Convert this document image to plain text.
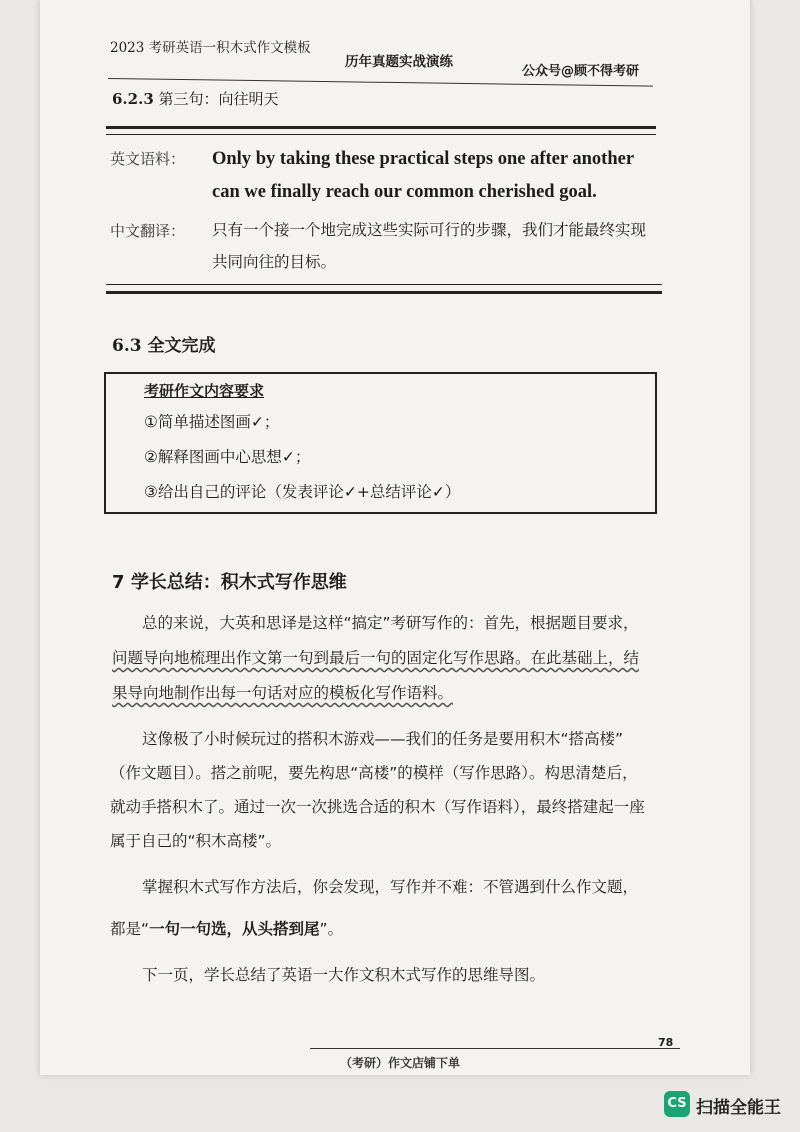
2023 考研英语一积木式作文模板
历年真题实战演练
公众号@顾不得考研
6.2.3 第三句：向往明天
英文语料： Only by taking these practical steps one after another
can we finally reach our common cherished goal.
中文翻译： 只有一个接一个地完成这些实际可行的步骤，我们才能最终实现
共同向往的目标。
6.3 全文完成
考研作文内容要求
①简单描述图画✓；
②解释图画中心思想✓；
③给出自己的评论（发表评论✓+总结评论✓）
7 学长总结：积木式写作思维
总的来说，大英和思译是这样“搞定”考研写作的：首先，根据题目要求，
问题导向地梳理出作文第一句到最后一句的固定化写作思路。在此基础上，结
果导向地制作出每一句话对应的模板化写作语料。
这像极了小时候玩过的搭积木游戏——我们的任务是要用积木“搭高楼”
（作文题目）。搭之前呢，要先构思“高楼”的模样（写作思路）。构思清楚后，
就动手搭积木了。通过一次一次挑选合适的积木（写作语料），最终搭建起一座
属于自己的“积木高楼”。
掌握积木式写作方法后，你会发现，写作并不难：不管遇到什么作文题，
都是“一句一句选，从头搭到尾”。
下一页，学长总结了英语一大作文积木式写作的思维导图。
78
（考研）作文店铺下单
CS 扫描全能王
